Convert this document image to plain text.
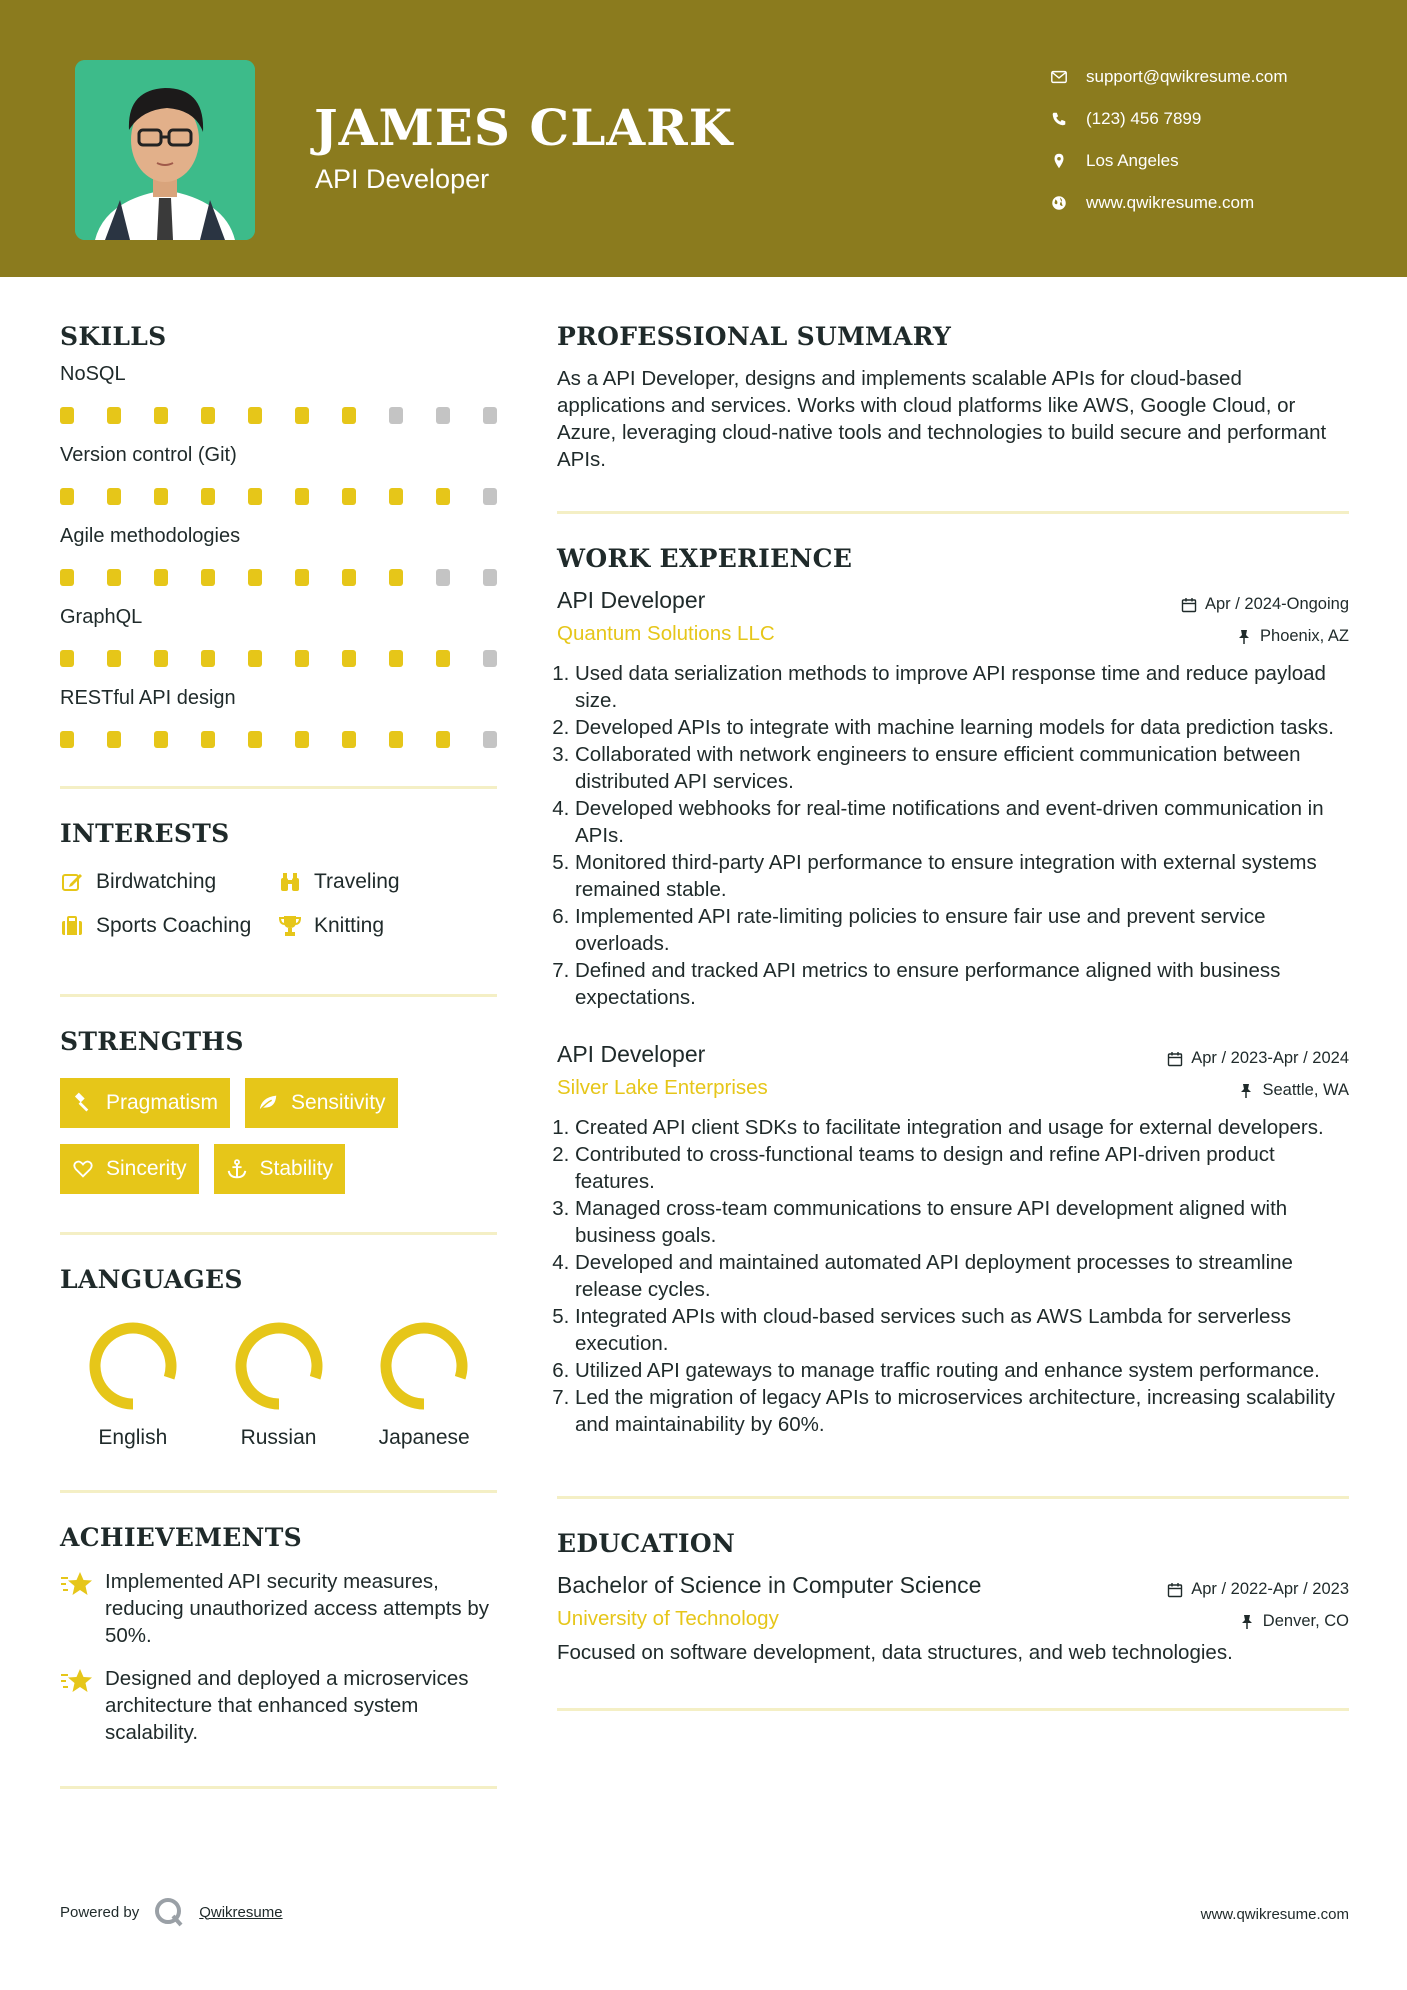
JAMES CLARK
API Developer
support@qwikresume.com
(123) 456 7899
Los Angeles
www.qwikresume.com
SKILLS
NoSQL
Version control (Git)
Agile methodologies
GraphQL
RESTful API design
INTERESTS
Birdwatching	Traveling
Sports Coaching	Knitting
STRENGTHS
Pragmatism	Sensitivity
Sincerity	Stability
LANGUAGES
English	Russian	Japanese
ACHIEVEMENTS
Implemented API security measures, reducing unauthorized access attempts by 50%.
Designed and deployed a microservices architecture that enhanced system scalability.
PROFESSIONAL SUMMARY
As a API Developer, designs and implements scalable APIs for cloud-based applications and services. Works with cloud platforms like AWS, Google Cloud, or Azure, leveraging cloud-native tools and technologies to build secure and performant APIs.
WORK EXPERIENCE
API Developer	Apr / 2024-Ongoing
Quantum Solutions LLC	Phoenix, AZ
1. Used data serialization methods to improve API response time and reduce payload size.
2. Developed APIs to integrate with machine learning models for data prediction tasks.
3. Collaborated with network engineers to ensure efficient communication between distributed API services.
4. Developed webhooks for real-time notifications and event-driven communication in APIs.
5. Monitored third-party API performance to ensure integration with external systems remained stable.
6. Implemented API rate-limiting policies to ensure fair use and prevent service overloads.
7. Defined and tracked API metrics to ensure performance aligned with business expectations.
API Developer	Apr / 2023-Apr / 2024
Silver Lake Enterprises	Seattle, WA
1. Created API client SDKs to facilitate integration and usage for external developers.
2. Contributed to cross-functional teams to design and refine API-driven product features.
3. Managed cross-team communications to ensure API development aligned with business goals.
4. Developed and maintained automated API deployment processes to streamline release cycles.
5. Integrated APIs with cloud-based services such as AWS Lambda for serverless execution.
6. Utilized API gateways to manage traffic routing and enhance system performance.
7. Led the migration of legacy APIs to microservices architecture, increasing scalability and maintainability by 60%.
EDUCATION
Bachelor of Science in Computer Science	Apr / 2022-Apr / 2023
University of Technology	Denver, CO
Focused on software development, data structures, and web technologies.
Powered by	Qwikresume	www.qwikresume.com
